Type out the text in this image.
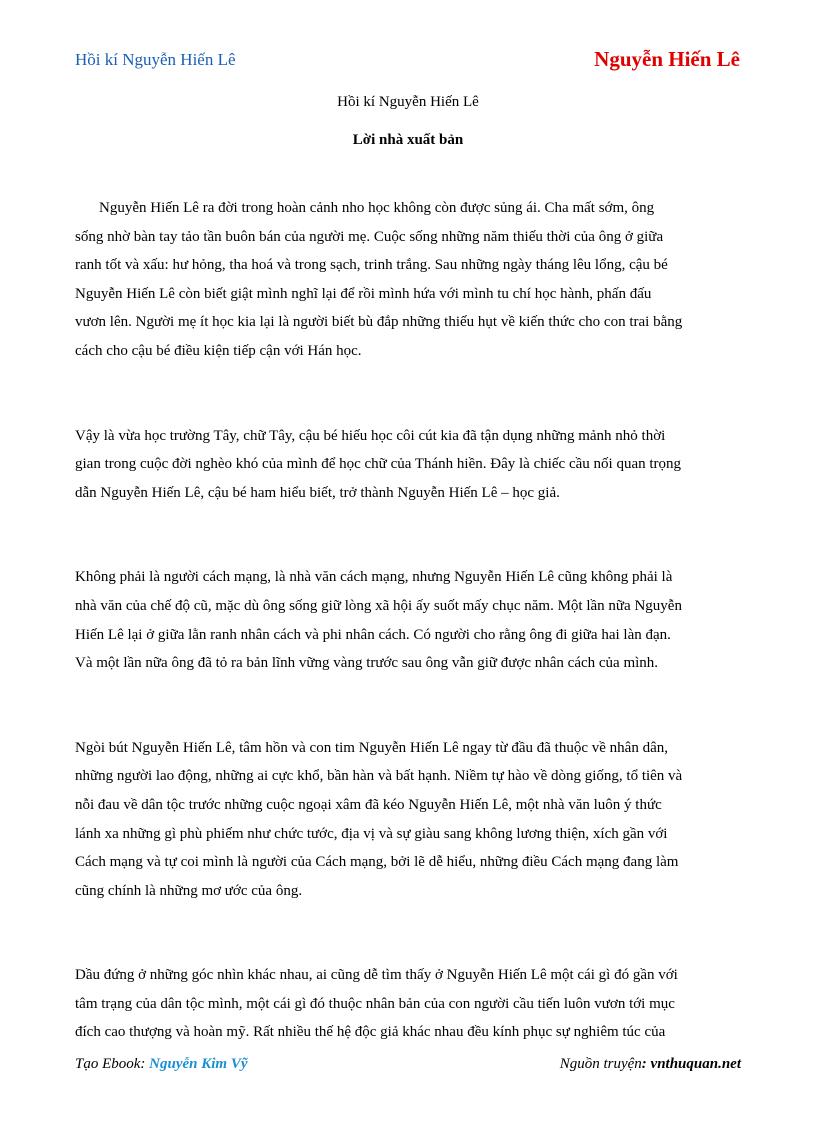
Hồi kí Nguyễn Hiến Lê	Nguyễn Hiến Lê
Hồi kí Nguyễn Hiến Lê
Lời nhà xuất bản

Nguyễn Hiến Lê ra đời trong hoàn cảnh nho học không còn được sủng ái. Cha mất sớm, ông
sống nhờ bàn tay tảo tần buôn bán của người mẹ. Cuộc sống những năm thiếu thời của ông ở giữa
ranh tốt và xấu: hư hỏng, tha hoá và trong sạch, trinh trắng. Sau những ngày tháng lêu lổng, cậu bé
Nguyễn Hiến Lê còn biết giật mình nghĩ lại để rồi mình hứa với mình tu chí học hành, phấn đấu
vươn lên. Người mẹ ít học kia lại là người biết bù đắp những thiếu hụt về kiến thức cho con trai bằng
cách cho cậu bé điều kiện tiếp cận với Hán học.

Vậy là vừa học trường Tây, chữ Tây, cậu bé hiếu học côi cút kia đã tận dụng những mảnh nhỏ thời
gian trong cuộc đời nghèo khó của mình để học chữ của Thánh hiền. Đây là chiếc cầu nối quan trọng
dẫn Nguyễn Hiến Lê, cậu bé ham hiểu biết, trở thành Nguyễn Hiến Lê – học giả.

Không phải là người cách mạng, là nhà văn cách mạng, nhưng Nguyễn Hiến Lê cũng không phải là
nhà văn của chế độ cũ, mặc dù ông sống giữ lòng xã hội ấy suốt mấy chục năm. Một lần nữa Nguyễn
Hiến Lê lại ở giữa lằn ranh nhân cách và phi nhân cách. Có người cho rằng ông đi giữa hai làn đạn.
Và một lần nữa ông đã tỏ ra bản lĩnh vững vàng trước sau ông vẫn giữ được nhân cách của mình.

Ngòi bút Nguyễn Hiến Lê, tâm hồn và con tim Nguyễn Hiến Lê ngay từ đầu đã thuộc về nhân dân,
những người lao động, những ai cực khổ, bần hàn và bất hạnh. Niềm tự hào về dòng giống, tổ tiên và
nỗi đau về dân tộc trước những cuộc ngoại xâm đã kéo Nguyễn Hiến Lê, một nhà văn luôn ý thức
lánh xa những gì phù phiếm như chức tước, địa vị và sự giàu sang không lương thiện, xích gần với
Cách mạng và tự coi mình là người của Cách mạng, bởi lẽ dễ hiểu, những điều Cách mạng đang làm
cũng chính là những mơ ước của ông.

Dầu đứng ở những góc nhìn khác nhau, ai cũng dễ tìm thấy ở Nguyễn Hiến Lê một cái gì đó gần với
tâm trạng của dân tộc mình, một cái gì đó thuộc nhân bản của con người cầu tiến luôn vươn tới mục
đích cao thượng và hoàn mỹ. Rất nhiều thế hệ độc giả khác nhau đều kính phục sự nghiêm túc của

Tạo Ebook: Nguyễn Kim Vỹ	Nguồn truyện: vnthuquan.net
